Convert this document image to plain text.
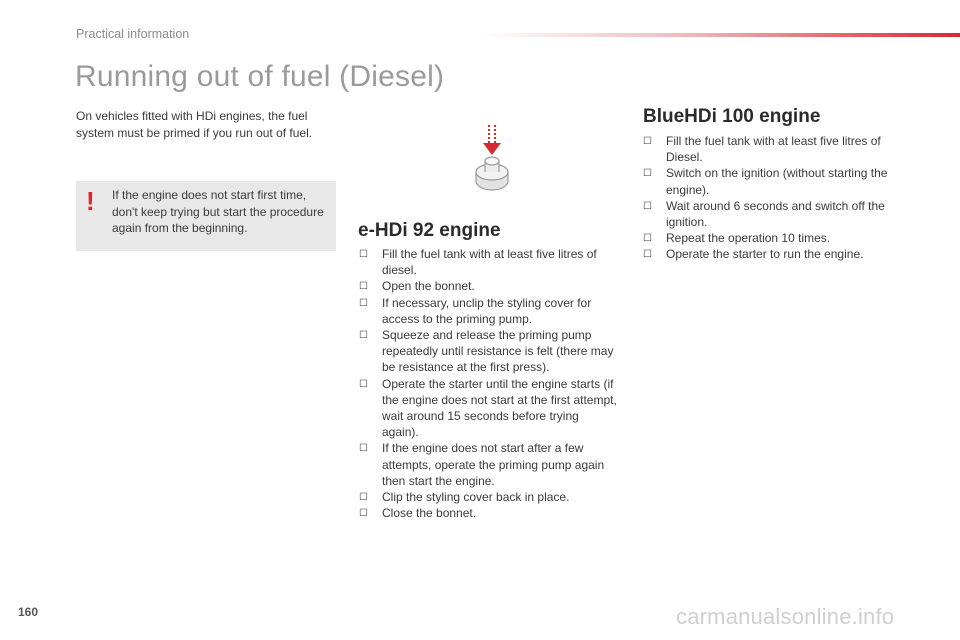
Practical information
Running out of fuel (Diesel)

On vehicles fitted with HDi engines, the fuel system must be primed if you run out of fuel.

! If the engine does not start first time, don't keep trying but start the procedure again from the beginning.	e-HDi 92 engine
☐ Fill the fuel tank with at least five litres of diesel.
☐ Open the bonnet.
☐ If necessary, unclip the styling cover for access to the priming pump.
☐ Squeeze and release the priming pump repeatedly until resistance is felt (there may be resistance at the first press).
☐ Operate the starter until the engine starts (if the engine does not start at the first attempt, wait around 15 seconds before trying again).
☐ If the engine does not start after a few attempts, operate the priming pump again then start the engine.
☐ Clip the styling cover back in place.
☐ Close the bonnet.
BlueHDi 100 engine
☐ Fill the fuel tank with at least five litres of Diesel.
☐ Switch on the ignition (without starting the engine).
☐ Wait around 6 seconds and switch off the ignition.
☐ Repeat the operation 10 times.
☐ Operate the starter to run the engine.
160	carmanualsonline.info
